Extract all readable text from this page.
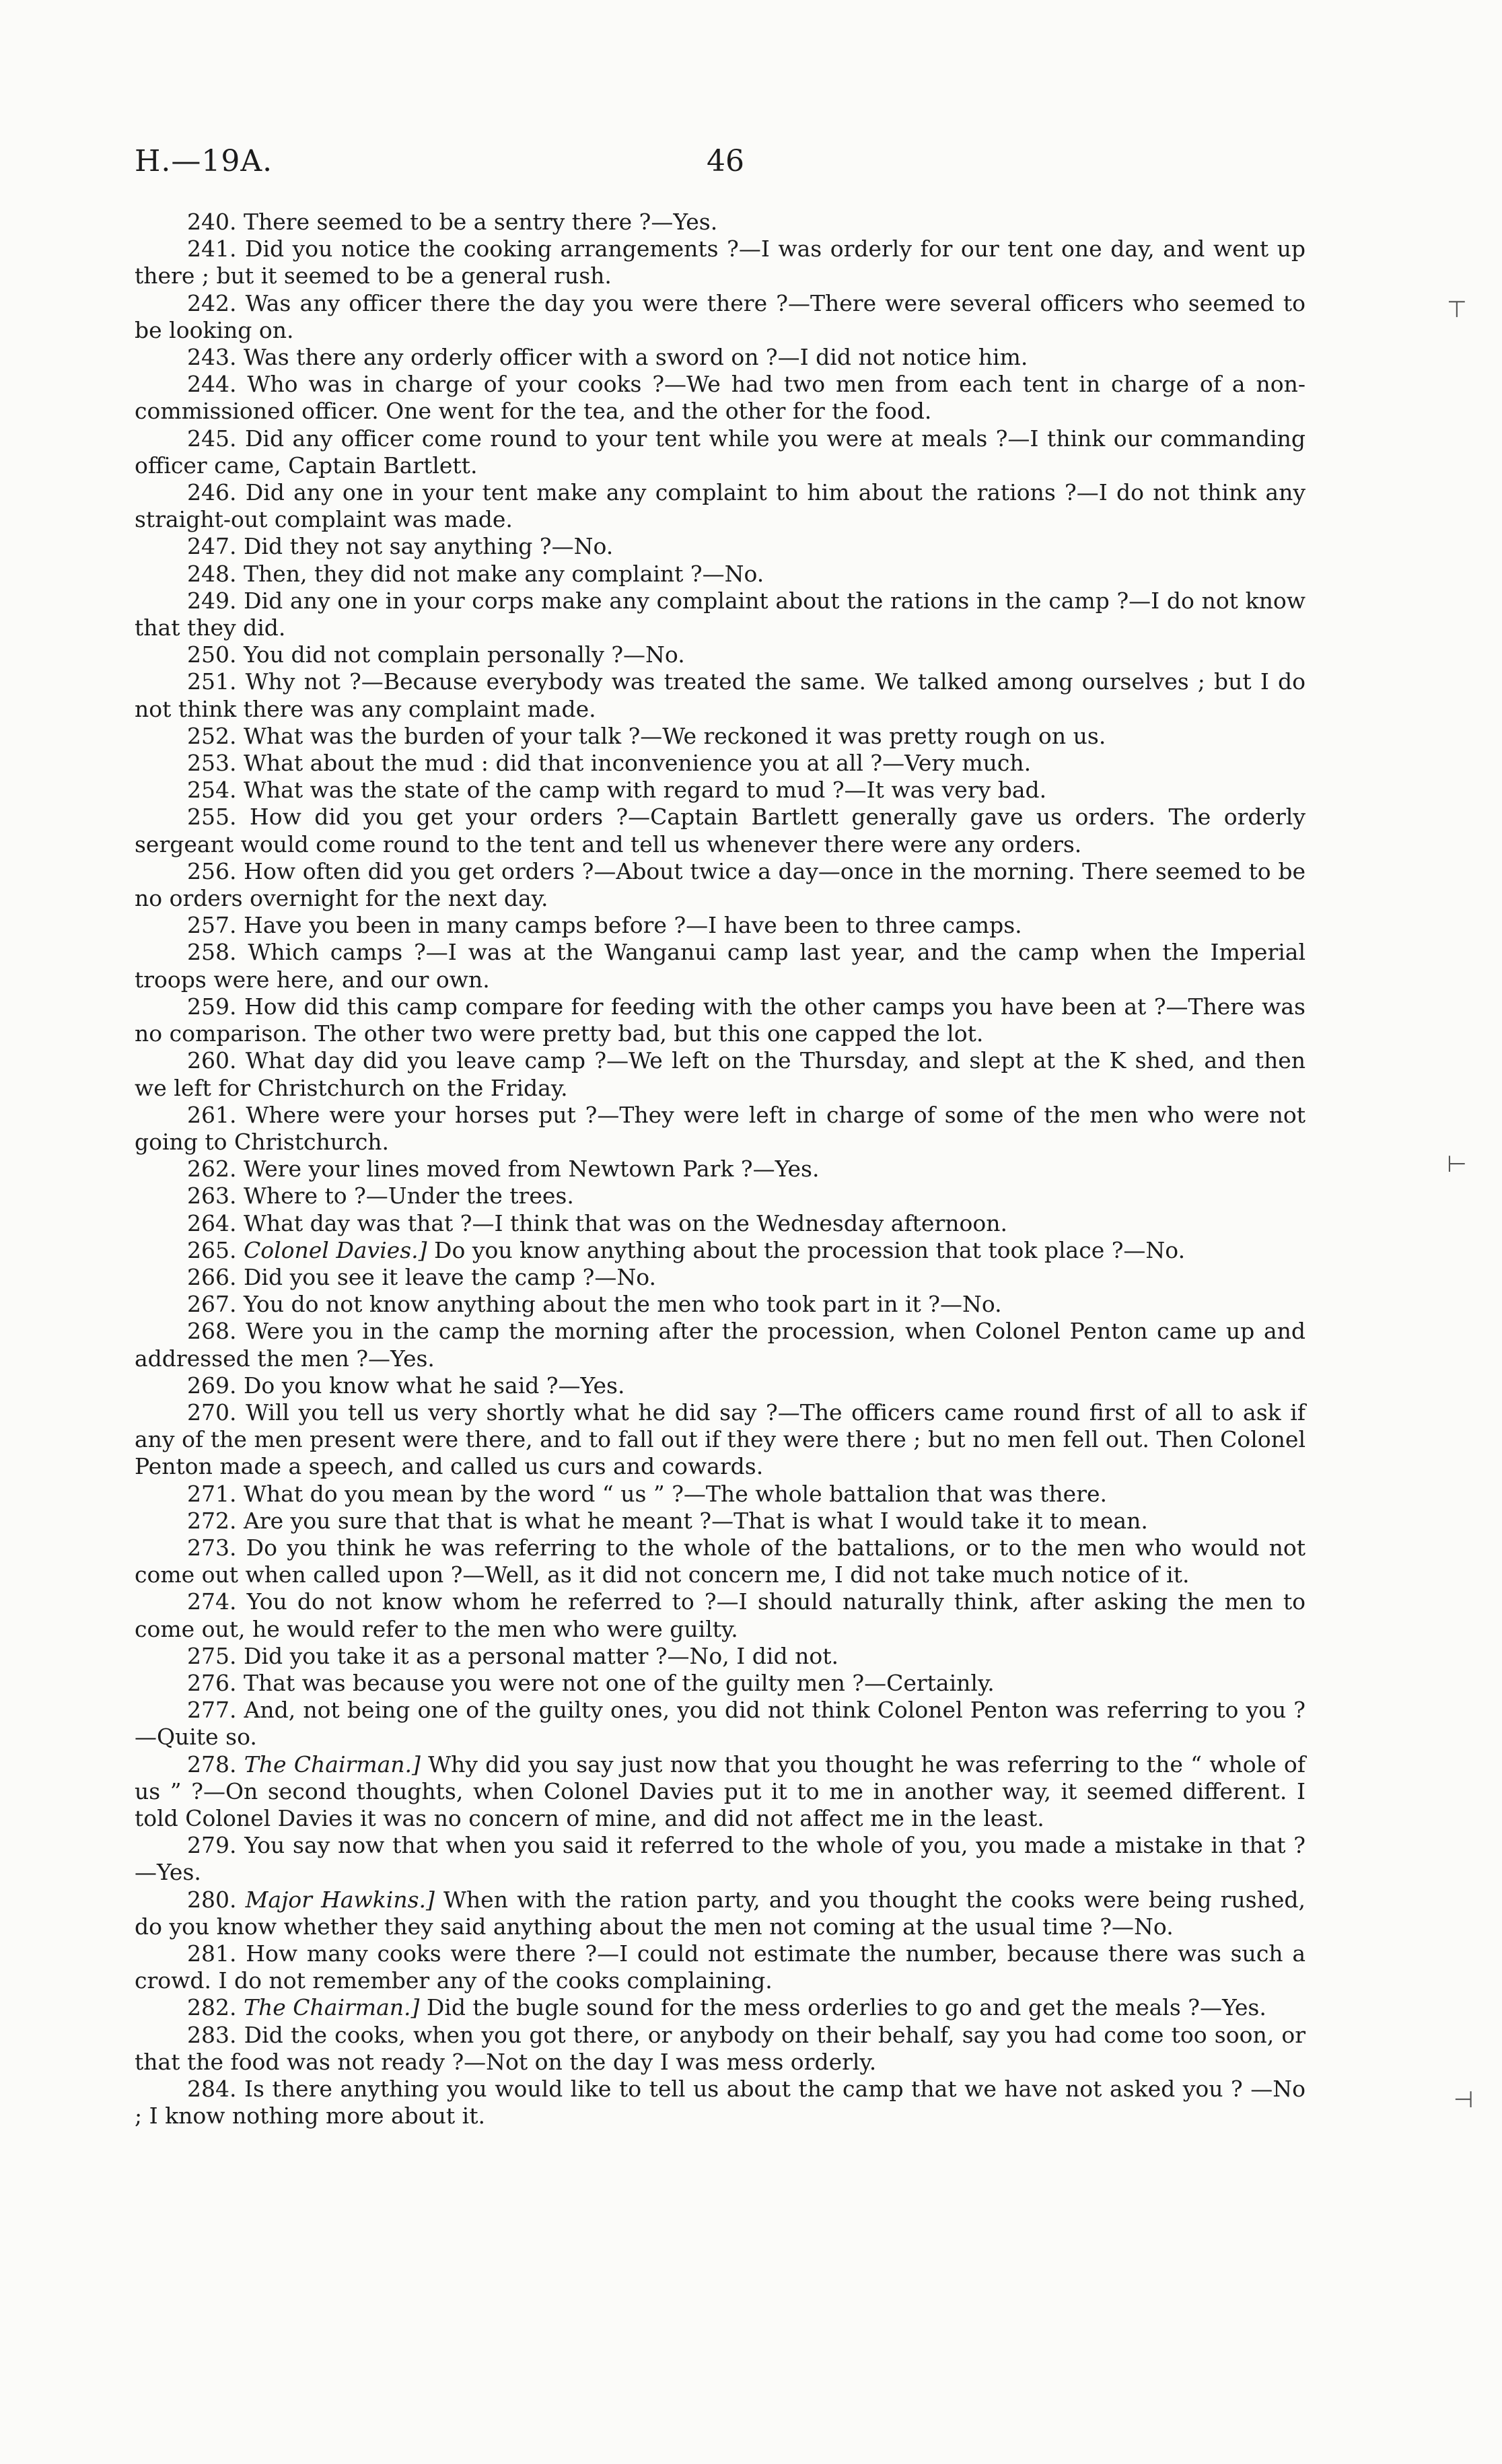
H.—19A.	46

240. There seemed to be a sentry there ?—Yes.

241. Did you notice the cooking arrangements ?—I was orderly for our tent one day, and went up there ; but it seemed to be a general rush.

242. Was any officer there the day you were there ?—There were several officers who seemed to be looking on.

243. Was there any orderly officer with a sword on ?—I did not notice him.

244. Who was in charge of your cooks ?—We had two men from each tent in charge of a non-commissioned officer. One went for the tea, and the other for the food.

245. Did any officer come round to your tent while you were at meals ?—I think our commanding officer came, Captain Bartlett.

246. Did any one in your tent make any complaint to him about the rations ?—I do not think any straight-out complaint was made.

247. Did they not say anything ?—No.

248. Then, they did not make any complaint ?—No.

249. Did any one in your corps make any complaint about the rations in the camp ?—I do not know that they did.

250. You did not complain personally ?—No.

251. Why not ?—Because everybody was treated the same. We talked among ourselves ; but I do not think there was any complaint made.

252. What was the burden of your talk ?—We reckoned it was pretty rough on us.

253. What about the mud : did that inconvenience you at all ?—Very much.

254. What was the state of the camp with regard to mud ?—It was very bad.

255. How did you get your orders ?—Captain Bartlett generally gave us orders. The orderly sergeant would come round to the tent and tell us whenever there were any orders.

256. How often did you get orders ?—About twice a day—once in the morning. There seemed to be no orders overnight for the next day.

257. Have you been in many camps before ?—I have been to three camps.

258. Which camps ?—I was at the Wanganui camp last year, and the camp when the Imperial troops were here, and our own.

259. How did this camp compare for feeding with the other camps you have been at ?—There was no comparison. The other two were pretty bad, but this one capped the lot.

260. What day did you leave camp ?—We left on the Thursday, and slept at the K shed, and then we left for Christchurch on the Friday.

261. Where were your horses put ?—They were left in charge of some of the men who were not going to Christchurch.

262. Were your lines moved from Newtown Park ?—Yes.

263. Where to ?—Under the trees.

264. What day was that ?—I think that was on the Wednesday afternoon.

265. Colonel Davies.] Do you know anything about the procession that took place ?—No.

266. Did you see it leave the camp ?—No.

267. You do not know anything about the men who took part in it ?—No.

268. Were you in the camp the morning after the procession, when Colonel Penton came up and addressed the men ?—Yes.

269. Do you know what he said ?—Yes.

270. Will you tell us very shortly what he did say ?—The officers came round first of all to ask if any of the men present were there, and to fall out if they were there ; but no men fell out. Then Colonel Penton made a speech, and called us curs and cowards.

271. What do you mean by the word “ us ” ?—The whole battalion that was there.

272. Are you sure that that is what he meant ?—That is what I would take it to mean.

273. Do you think he was referring to the whole of the battalions, or to the men who would not come out when called upon ?—Well, as it did not concern me, I did not take much notice of it.

274. You do not know whom he referred to ?—I should naturally think, after asking the men to come out, he would refer to the men who were guilty.

275. Did you take it as a personal matter ?—No, I did not.

276. That was because you were not one of the guilty men ?—Certainly.

277. And, not being one of the guilty ones, you did not think Colonel Penton was referring to you ?—Quite so.

278. The Chairman.] Why did you say just now that you thought he was referring to the “ whole of us ” ?—On second thoughts, when Colonel Davies put it to me in another way, it seemed different. I told Colonel Davies it was no concern of mine, and did not affect me in the least.

279. You say now that when you said it referred to the whole of you, you made a mistake in that ?—Yes.

280. Major Hawkins.] When with the ration party, and you thought the cooks were being rushed, do you know whether they said anything about the men not coming at the usual time ?—No.

281. How many cooks were there ?—I could not estimate the number, because there was such a crowd. I do not remember any of the cooks complaining.

282. The Chairman.] Did the bugle sound for the mess orderlies to go and get the meals ?—Yes.

283. Did the cooks, when you got there, or anybody on their behalf, say you had come too soon, or that the food was not ready ?—Not on the day I was mess orderly.

284. Is there anything you would like to tell us about the camp that we have not asked you ? —No ; I know nothing more about it.

⊤
⊢
⊣
